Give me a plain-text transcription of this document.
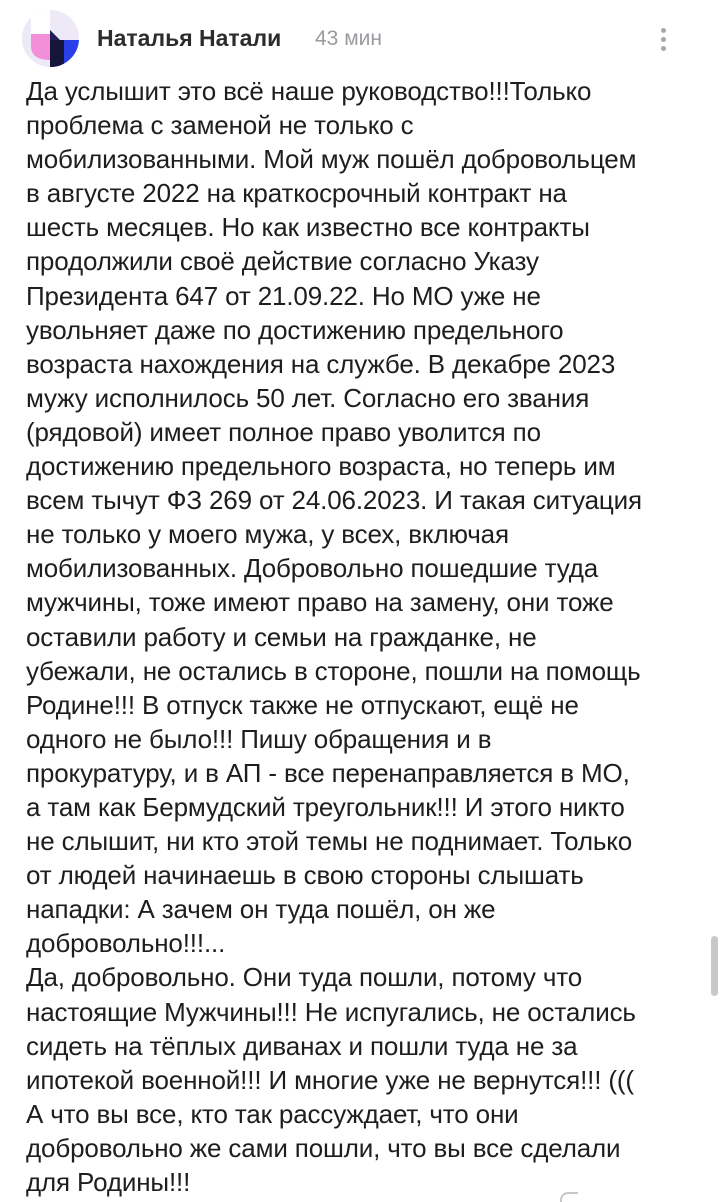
Наталья Натали 43 мин
Да услышит это всё наше руководство!!!Только
проблема с заменой не только с
мобилизованными. Мой муж пошёл добровольцем
в августе 2022 на краткосрочный контракт на
шесть месяцев. Но как известно все контракты
продолжили своё действие согласно Указу
Президента 647 от 21.09.22. Но МО уже не
увольняет даже по достижению предельного
возраста нахождения на службе. В декабре 2023
мужу исполнилось 50 лет. Согласно его звания
(рядовой) имеет полное право уволится по
достижению предельного возраста, но теперь им
всем тычут ФЗ 269 от 24.06.2023. И такая ситуация
не только у моего мужа, у всех, включая
мобилизованных. Добровольно пошедшие туда
мужчины, тоже имеют право на замену, они тоже
оставили работу и семьи на гражданке, не
убежали, не остались в стороне, пошли на помощь
Родине!!! В отпуск также не отпускают, ещё не
одного не было!!! Пишу обращения и в
прокуратуру, и в АП - все перенаправляется в МО,
а там как Бермудский треугольник!!! И этого никто
не слышит, ни кто этой темы не поднимает. Только
от людей начинаешь в свою стороны слышать
нападки: А зачем он туда пошёл, он же
добровольно!!!...
Да, добровольно. Они туда пошли, потому что
настоящие Мужчины!!! Не испугались, не остались
сидеть на тёплых диванах и пошли туда не за
ипотекой военной!!! И многие уже не вернутся!!! (((
А что вы все, кто так рассуждает, что они
добровольно же сами пошли, что вы все сделали
для Родины!!!
